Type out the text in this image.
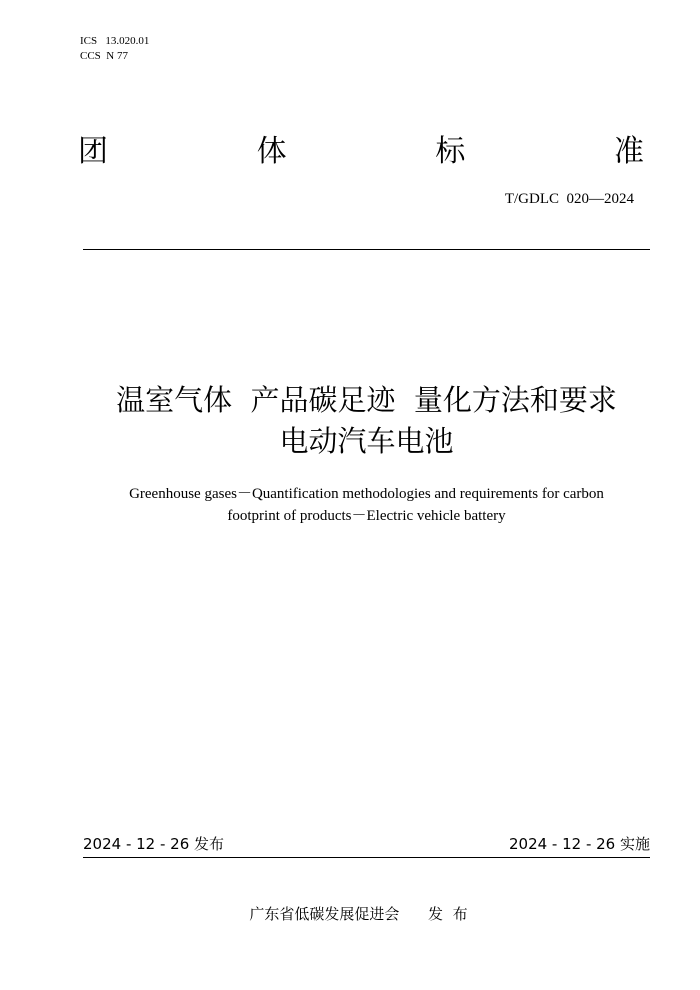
ICS   13.020.01
CCS  N 77
团	体	标	准
T/GDLC  020—2024
温室气体  产品碳足迹  量化方法和要求
电动汽车电池
Greenhouse gases－Quantification methodologies and requirements for carbon
footprint of products－Electric vehicle battery
2024 - 12 - 26 发布	2024 - 12 - 26 实施
广东省低碳发展促进会      发  布
